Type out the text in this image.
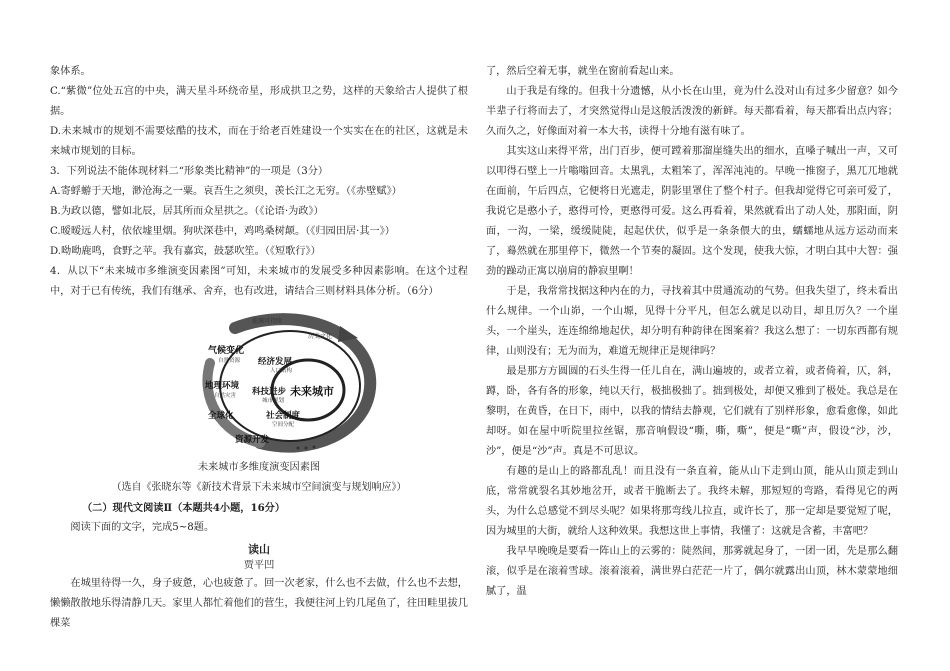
象体系。

C.“紫微”位处五宫的中央，满天星斗环绕帝星，形成拱卫之势，这样的天象给古人提供了根据。

D.未来城市的规划不需要炫酷的技术，而在于给老百姓建设一个实实在在的社区，这就是未来城市规划的目标。

3．下列说法不能体现材料二“形象类比精神”的一项是（3分）

A.寄蜉蝣于天地，渺沧海之一粟。哀吾生之须臾，羡长江之无穷。（《赤壁赋》）

B.为政以德，譬如北辰，居其所而众星拱之。（《论语·为政》）

C.暧暧远人村，依依墟里烟。狗吠深巷中，鸡鸣桑树颠。（《归园田居·其一》）

D.呦呦鹿鸣，食野之苹。我有嘉宾，鼓瑟吹笙。（《短歌行》）

4．从以下“未来城市多维演变因素图”可知，未来城市的发展受多种因素影响。在这个过程中，对于已有传统，我们有继承、舍弃，也有改进，请结合三则材料具体分析。（6分）

能源可持续
历史文化
气候变化
自然资源 经济发展
人口结构
地理环境
自然灾害 科技进步
城市规划
未来城市
全球化	社会制度
空间分配
资源开发

未来城市多维度演变因素图

（选自《张晓东等《新技术背景下未来城市空间演变与规划响应》）

（二）现代文阅读Ⅱ（本题共4小题，16分）

阅读下面的文字，完成5~8题。

读山

贾平凹

在城里待得一久，身子疲惫，心也疲惫了。回一次老家，什么也不去做，什么也不去想，懒懒散散地乐得清静几天。家里人都忙着他们的营生，我便往河上钓几尾鱼了，往田畦里拔几棵菜

了，然后空着无事，就坐在窗前看起山来。

山于我是有缘的。但我十分遗憾，从小长在山里，竟为什么没对山有过多少留意？如今半辈子行将而去了，才突然觉得山是这般活泼泼的新鲜。每天都看着，每天都看出点内容；久而久之，好像面对着一本大书，读得十分地有滋有味了。

其实这山来得平常，出门百步，便可蹚着那溜崖缝失出的细水，直嗓子喊出一声，又可以叩得石壁上一片嗡嗡回音。太黑乳，太粗笨了，浑浑沌沌的。早晚一推窗子，黑兀兀地就在面前，午后四点，它便将日光遮走，阴影里罩住了整个村子。但我却觉得它可亲可爱了，我说它是憨小子，憨得可怜，更憨得可爱。这么再看着，果然就看出了动人处，那阳面，阴面，一沟，一梁，缓缓陡陡，起起伏伏，似乎是一条条偎大的虫，蠕蠕地从远方运动而来了，蓦然就在那里停下，微然一个节奏的凝固。这个发现，使我大惊，才明白其中大智：强劲的躁动正寓以崩肩的静寂里啊！

于是，我常常找据这种内在的力，寻找着其中贯通流动的气势。但我失望了，终未看出什么规律。一个山峁，一个山塬，见得十分平凡，但怎么就足以动目，却且厉久？一个崖头，一个崖头，连连绵绵地起伏，却分明有种韵律在图案着？我这么想了：一切东西都有规律，山则没有；无为而为，难道无规律正是规律吗？

最是那方方圆圆的石头生得一任儿自在，满山遍坡的，或者立着，或者倚着，仄，斜，蹲，卧，各有各的形象，纯以天行，极拙极拙了。拙到极处，却便又雅到了极处。我总是在黎明，在黄昏，在日下，雨中，以我的情结去静观，它们就有了别样形象，愈看愈像，如此却呀。如在屋中听院里拉丝锯，那音响假设“嘶，嘶，嘶”，便是“嘶”声，假设“沙，沙，沙”，便是“沙”声。真是不可思议。

有趣的是山上的路都乱乱！而且没有一条直着，能从山下走到山顶，能从山顶走到山底，常常就裂名其妙地岔开，或者干脆断去了。我终未解，那短短的弯路，看得见它的两头，为什么总感觉不到尽头呢？如果将那弯线儿拉直，或许长了，那一定却是要觉短了呢，因为城里的大街，就给人这种效果。我想这世上事情，我懂了：这就是含蓄，丰富吧？

我早早晚晚是要看一阵山上的云雾的：陡然间，那雾就起身了，一团一团，先是那么翻滚，似乎是在滚着雪球。滚着滚着，满世界白茫茫一片了，偶尔就露出山顶，林木蒙蒙地细腻了，温
